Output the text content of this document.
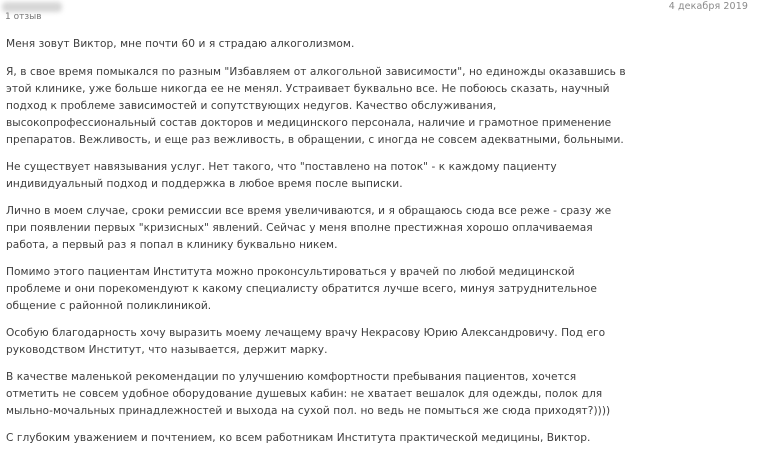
1 отзыв
4 декабря 2019

Меня зовут Виктор, мне почти 60 и я страдаю алкоголизмом.

Я, в свое время помыкался по разным "Избавляем от алкогольной зависимости", но единожды оказавшись в этой клинике, уже больше никогда ее не менял. Устраивает буквально все. Не побоюсь сказать, научный подход к проблеме зависимостей и сопутствующих недугов. Качество обслуживания, высокопрофессиональный состав докторов и медицинского персонала, наличие и грамотное применение препаратов. Вежливость, и еще раз вежливость, в обращении, с иногда не совсем адекватными, больными.

Не существует навязывания услуг. Нет такого, что "поставлено на поток" - к каждому пациенту индивидуальный подход и поддержка в любое время после выписки.

Лично в моем случае, сроки ремиссии все время увеличиваются, и я обращаюсь сюда все реже - сразу же при появлении первых "кризисных" явлений. Сейчас у меня вполне престижная хорошо оплачиваемая работа, а первый раз я попал в клинику буквально никем.

Помимо этого пациентам Института можно проконсультироваться у врачей по любой медицинской проблеме и они порекомендуют к какому специалисту обратится лучше всего, минуя затруднительное общение с районной поликлиникой.

Особую благодарность хочу выразить моему лечащему врачу Некрасову Юрию Александровичу. Под его руководством Институт, что называется, держит марку.

В качестве маленькой рекомендации по улучшению комфортности пребывания пациентов, хочется отметить не совсем удобное оборудование душевых кабин: не хватает вешалок для одежды, полок для мыльно-мочальных принадлежностей и выхода на сухой пол. но ведь не помыться же сюда приходят?))))

С глубоким уважением и почтением, ко всем работникам Института практической медицины, Виктор.
